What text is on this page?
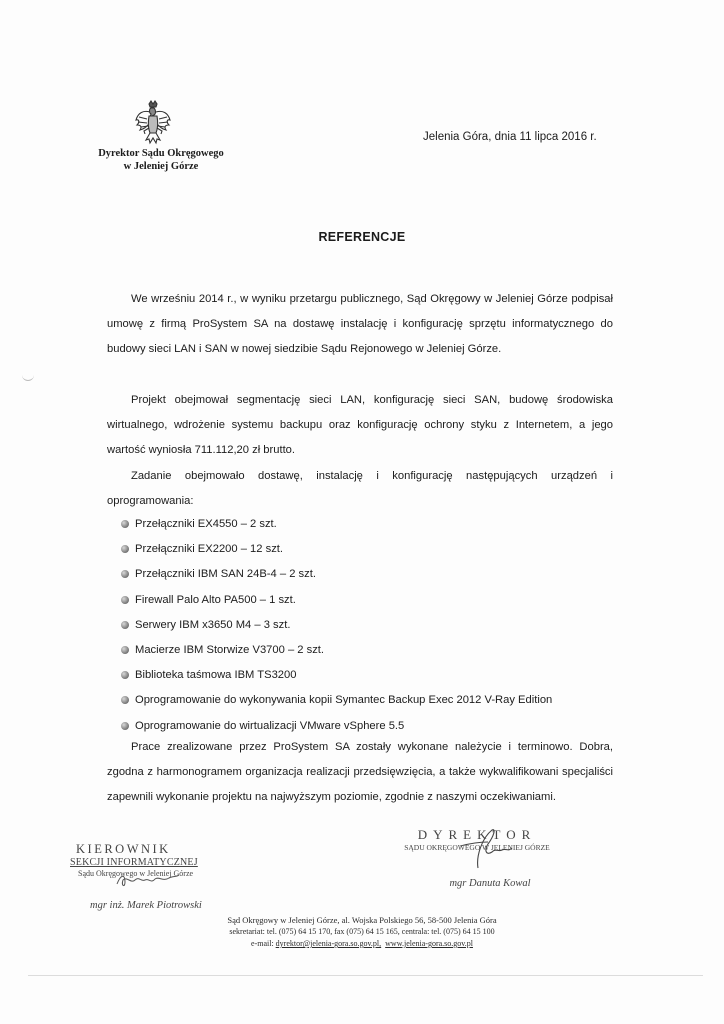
Dyrektor Sądu Okręgowego
w Jeleniej Górze
Jelenia Góra, dnia 11 lipca 2016 r.
REFERENCJE
We wrześniu 2014 r., w wyniku przetargu publicznego, Sąd Okręgowy w Jeleniej Górze podpisał umowę z firmą ProSystem SA na dostawę instalację i konfigurację sprzętu informatycznego do budowy sieci LAN i SAN w nowej siedzibie Sądu Rejonowego w Jeleniej Górze.
Projekt obejmował segmentację sieci LAN, konfigurację sieci SAN, budowę środowiska wirtualnego, wdrożenie systemu backupu oraz konfigurację ochrony styku z Internetem, a jego wartość wyniosła 711.112,20 zł brutto.
Zadanie obejmowało dostawę, instalację i konfigurację następujących urządzeń i oprogramowania:
Przełączniki EX4550 – 2 szt.
Przełączniki EX2200 – 12 szt.
Przełączniki IBM SAN 24B-4 – 2 szt.
Firewall Palo Alto PA500 – 1 szt.
Serwery IBM x3650 M4 – 3 szt.
Macierze IBM Storwize V3700 – 2 szt.
Biblioteka taśmowa IBM TS3200
Oprogramowanie do wykonywania kopii Symantec Backup Exec 2012 V-Ray Edition
Oprogramowanie do wirtualizacji VMware vSphere 5.5
Prace zrealizowane przez ProSystem SA zostały wykonane należycie i terminowo. Dobra, zgodna z harmonogramem organizacja realizacji przedsięwzięcia, a także wykwalifikowani specjaliści zapewnili wykonanie projektu na najwyższym poziomie, zgodnie z naszymi oczekiwaniami.
KIEROWNIK
SEKCJI INFORMATYCZNEJ
Sądu Okręgowego w Jeleniej Górze
mgr inż. Marek Piotrowski
DYREKTOR
SĄDU OKRĘGOWEGO W JELENIEJ GÓRZE
mgr Danuta Kowal
Sąd Okręgowy w Jeleniej Górze, al. Wojska Polskiego 56, 58-500 Jelenia Góra
sekretariat: tel. (075) 64 15 170, fax (075) 64 15 165, centrala: tel. (075) 64 15 100
e-mail: dyrektor@jelenia-gora.so.gov.pl, www.jelenia-gora.so.gov.pl
